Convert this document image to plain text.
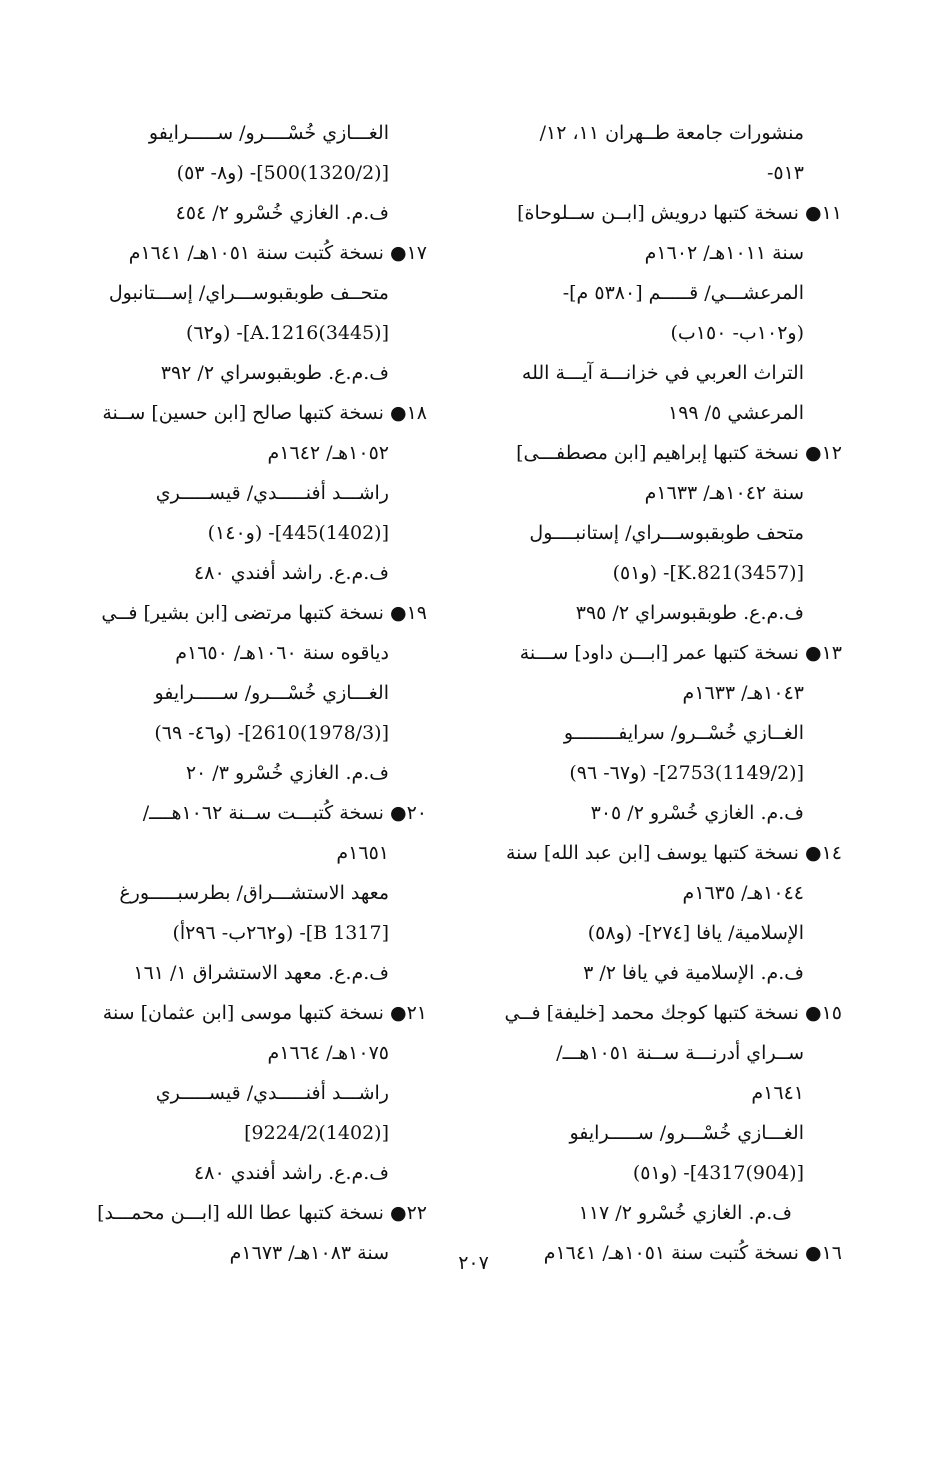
منشورات جامعة طــهران ١١، ١٢/
٥١٣-
١١● نسخة كتبها درويش [ابــن ســلوحاة]
سنة ١٠١١هـ/ ١٦٠٢م
المرعشـــي/ قـــــم [٥٣٨٠ م]-
(و١٠٢ب- ١٥٠ب)
التراث العربي في خزانـــة آيـــة الله
المرعشي ٥/ ١٩٩
١٢● نسخة كتبها إبراهيم [ابن مصطفـــى]
سنة ١٠٤٢هـ/ ١٦٣٣م
متحف طوبقبوســـراي/ إستانبــــول
[(3457)K.821]- (و٥١)
ف.م.ع. طوبقبوسراي ٢/ ٣٩٥
١٣● نسخة كتبها عمر [ابـــن داود] ســـنة
١٠٤٣هـ/ ١٦٣٣م
الغــازي خُسْــرو/ سرايفــــــــو
[(1149/2)2753]- (و٦٧- ٩٦)
ف.م. الغازي خُسْرو ٢/ ٣٠٥
١٤● نسخة كتبها يوسف [ابن عبد الله] سنة
١٠٤٤هـ/ ١٦٣٥م
الإسلامية/ يافا [٢٧٤]- (و٥٨)
ف.م. الإسلامية في يافا ٢/ ٣
١٥● نسخة كتبها كوجك محمد [خليفة] فــي
ســراي أدرنـــة ســنة ١٠٥١هـــ/
١٦٤١م
الغـــازي خُسْـــرو/ ســـــرايفو
[(904)4317]- (و٥١)
ف.م. الغازي خُسْرو ٢/ ١١٧
١٦● نسخة كُتبت سنة ١٠٥١هـ/ ١٦٤١م
الغـــازي خُسْــــرو/ ســـــرايفو
[(1320/2)500]- (و٨- ٥٣)
ف.م. الغازي خُسْرو ٢/ ٤٥٤
١٧● نسخة كُتبت سنة ١٠٥١هـ/ ١٦٤١م
متحــف طوبقبوســـراي/ إســـتانبول
[(3445)A.1216]- (و٦٢)
ف.م.ع. طوبقبوسراي ٢/ ٣٩٢
١٨● نسخة كتبها صالح [ابن حسين] ســنة
١٠٥٢هـ/ ١٦٤٢م
راشـــد أفنـــــدي/ قيســـــري
[(1402)445]- (و١٤٠)
ف.م.ع. راشد أفندي ٤٨٠
١٩● نسخة كتبها مرتضى [ابن بشير] فــي
دياقوه سنة ١٠٦٠هـ/ ١٦٥٠م
الغـــازي خُسْـــرو/ ســـــرايفو
[(1978/3)2610]- (و٤٦- ٦٩)
ف.م. الغازي خُسْرو ٣/ ٢٠
٢٠● نسخة كُتبـــت ســنة ١٠٦٢هــــ/
١٦٥١م
معهد الاستشـــراق/ بطرسبـــــورغ
[B 1317]- (و٢٦٢ب- ٢٩٦أ)
ف.م.ع. معهد الاستشراق ١/ ١٦١
٢١● نسخة كتبها موسى [ابن عثمان] سنة
١٠٧٥هـ/ ١٦٦٤م
راشـــد أفنـــــدي/ قيســـــري
[(1402)9224/2]
ف.م.ع. راشد أفندي ٤٨٠
٢٢● نسخة كتبها عطا الله [ابـــن محمـــد]
سنة ١٠٨٣هـ/ ١٦٧٣م	٢٠٧
